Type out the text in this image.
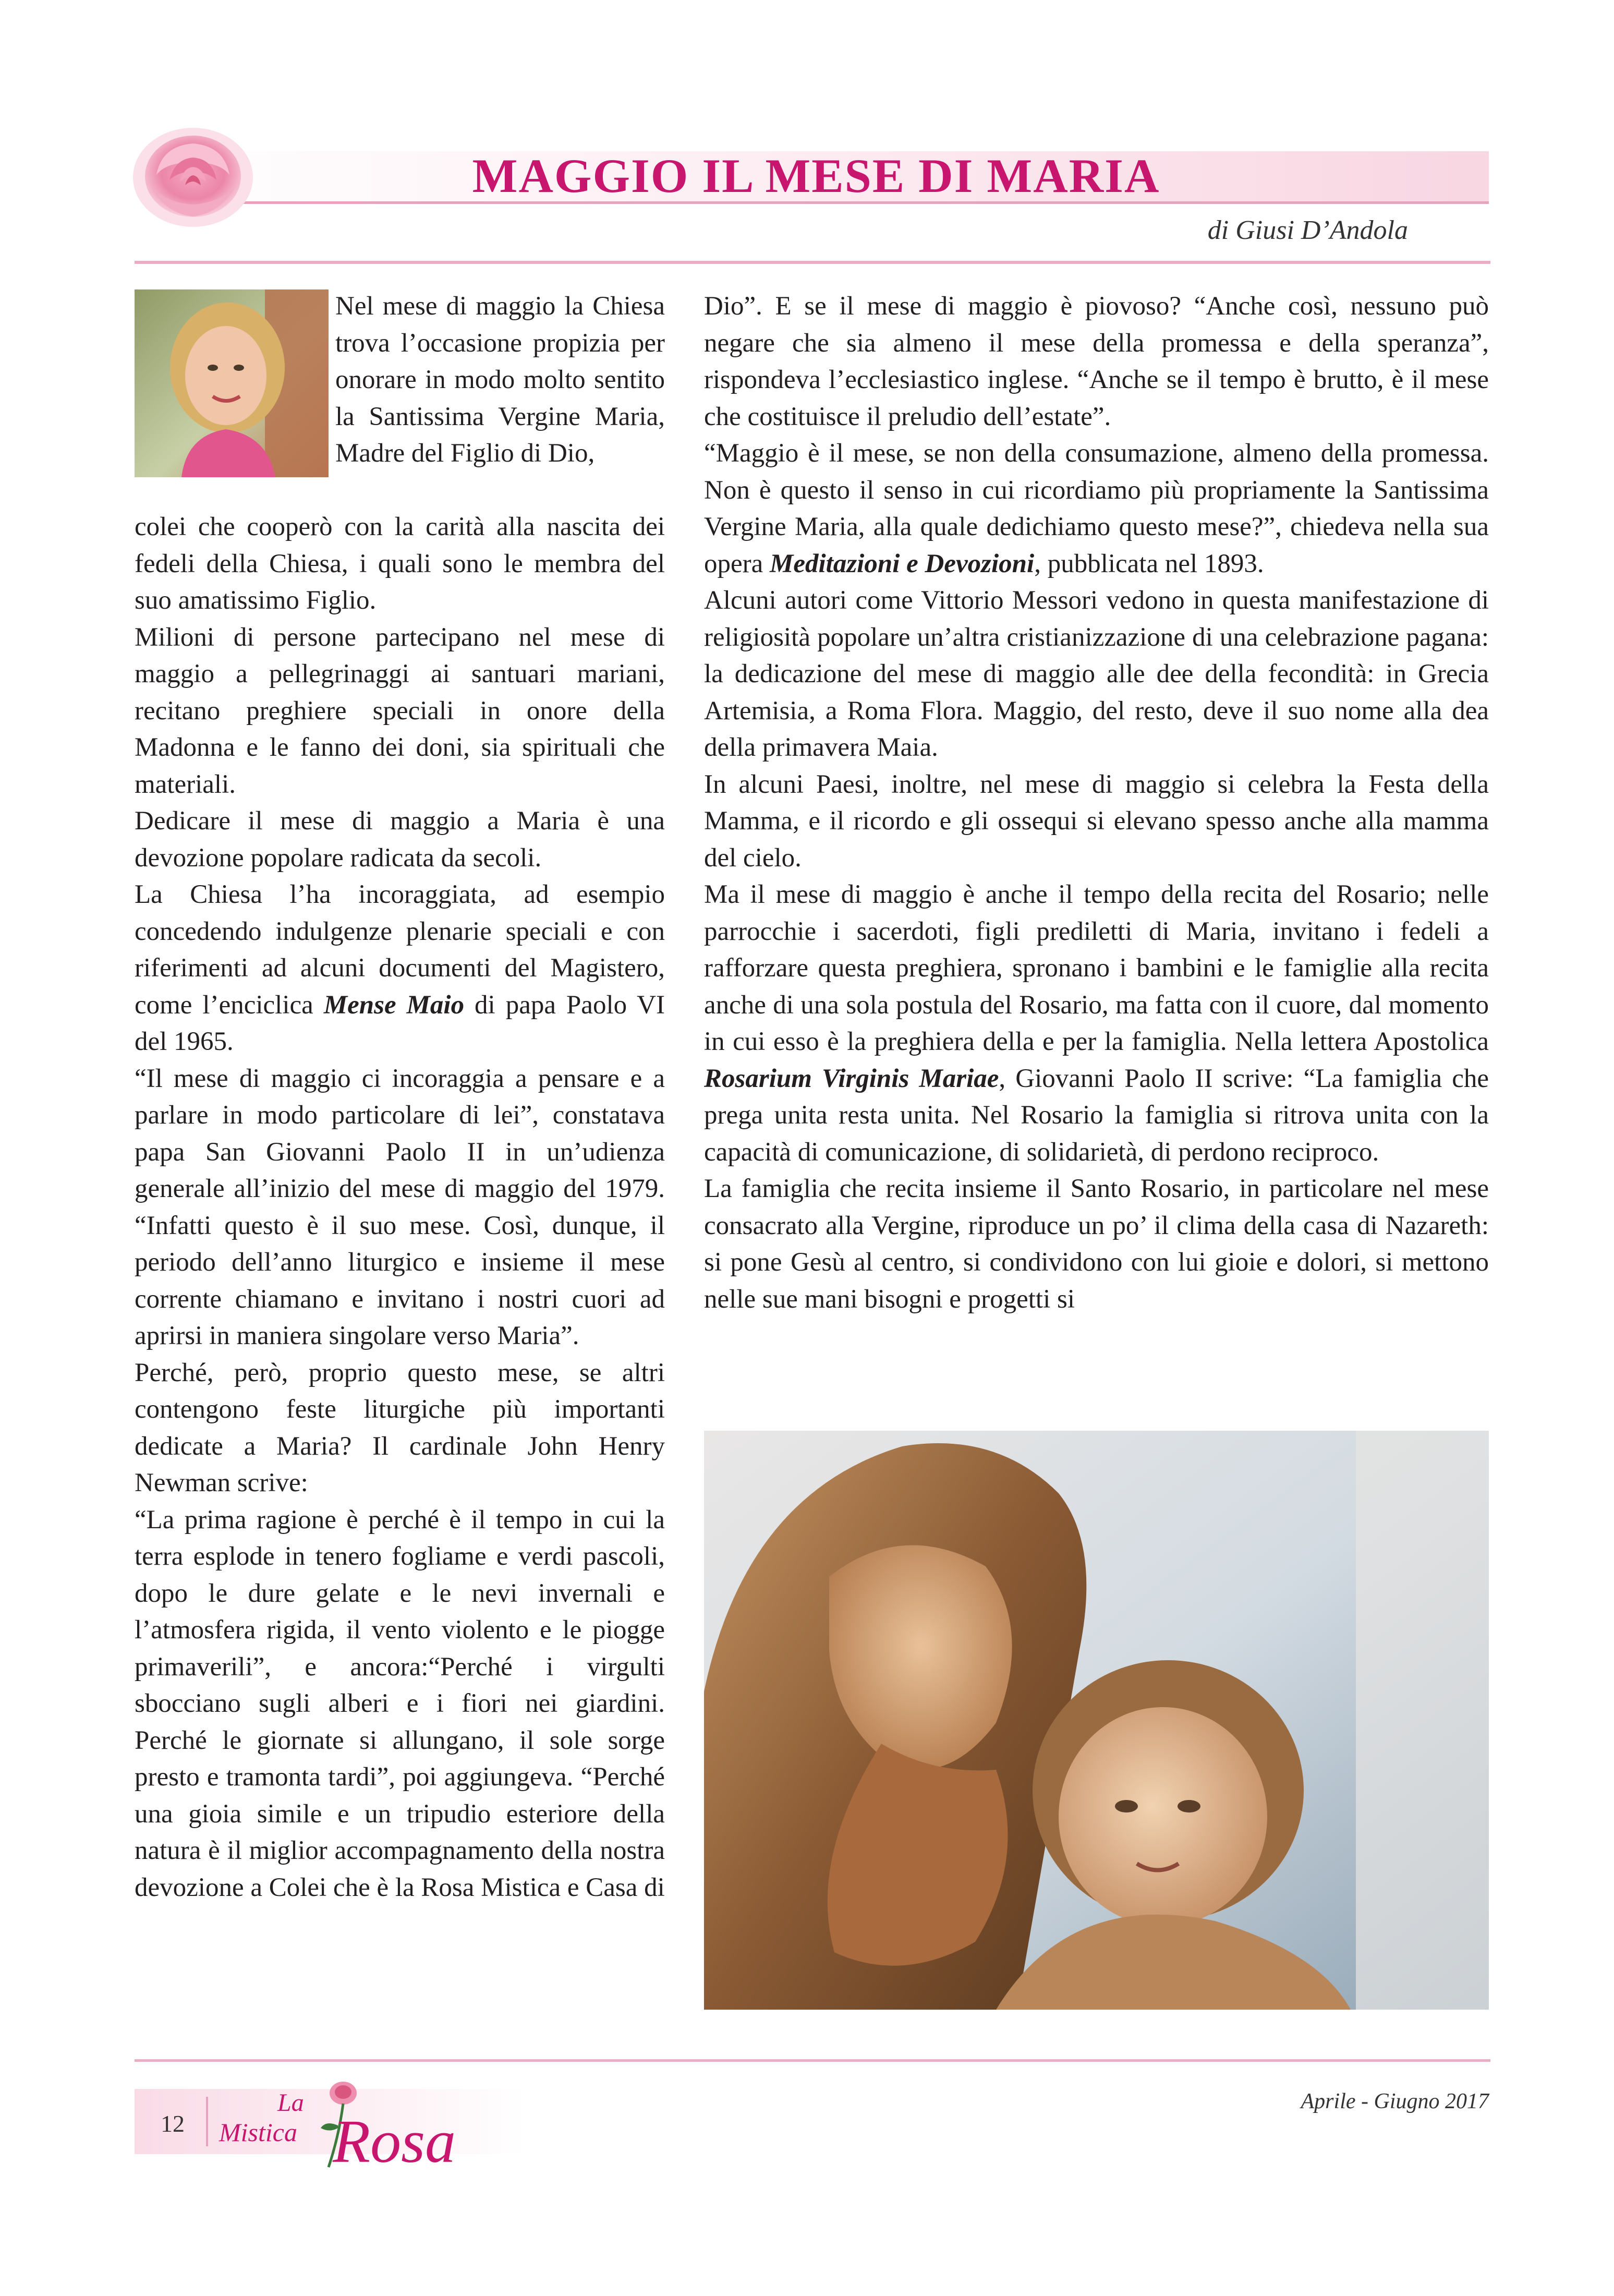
MAGGIO IL MESE DI MARIA
di Giusi D’Andola

Nel mese di maggio la Chiesa trova l’occasione propizia per onorare in modo molto sentito la Santissima Vergine Maria, Madre del Figlio di Dio,

colei che cooperò con la carità alla nascita dei fedeli della Chiesa, i quali sono le membra del suo amatissimo Figlio.

Milioni di persone partecipano nel mese di maggio a pellegrinaggi ai santuari mariani, recitano preghiere speciali in onore della Madonna e le fanno dei doni, sia spirituali che materiali.

Dedicare il mese di maggio a Maria è una devozione popolare radicata da secoli.

La Chiesa l’ha incoraggiata, ad esempio concedendo indulgenze plenarie speciali e con riferimenti ad alcuni documenti del Magistero, come l’enciclica Mense Maio di papa Paolo VI del 1965.

“Il mese di maggio ci incoraggia a pensare e a parlare in modo particolare di lei”, constatava papa San Giovanni Paolo II in un’udienza generale all’inizio del mese di maggio del 1979. “Infatti questo è il suo mese. Così, dunque, il periodo dell’anno liturgico e insieme il mese corrente chiamano e invitano i nostri cuori ad aprirsi in maniera singolare verso Maria”.

Perché, però, proprio questo mese, se altri contengono feste liturgiche più importanti dedicate a Maria? Il cardinale John Henry Newman scrive:

“La prima ragione è perché è il tempo in cui la terra esplode in tenero fogliame e verdi pascoli, dopo le dure gelate e le nevi invernali e l’atmosfera rigida, il vento violento e le piogge primaverili”, e ancora:“Perché i virgulti sbocciano sugli alberi e i fiori nei giardini. Perché le giornate si allungano, il sole sorge presto e tramonta tardi”, poi aggiungeva. “Perché una gioia simile e un tripudio esteriore della natura è il miglior accompagnamento della nostra devozione a Colei che è la Rosa Mistica e Casa di

Dio”. E se il mese di maggio è piovoso? “Anche così, nessuno può negare che sia almeno il mese della promessa e della speranza”, rispondeva l’ecclesiastico inglese. “Anche se il tempo è brutto, è il mese che costituisce il preludio dell’estate”.

“Maggio è il mese, se non della consumazione, almeno della promessa. Non è questo il senso in cui ricordiamo più propriamente la Santissima Vergine Maria, alla quale dedichiamo questo mese?”, chiedeva nella sua opera Meditazioni e Devozioni, pubblicata nel 1893.

Alcuni autori come Vittorio Messori vedono in questa manifestazione di religiosità popolare un’altra cristianizzazione di una celebrazione pagana: la dedicazione del mese di maggio alle dee della fecondità: in Grecia Artemisia, a Roma Flora. Maggio, del resto, deve il suo nome alla dea della primavera Maia.

In alcuni Paesi, inoltre, nel mese di maggio si celebra la Festa della Mamma, e il ricordo e gli ossequi si elevano spesso anche alla mamma del cielo.

Ma il mese di maggio è anche il tempo della recita del Rosario; nelle parrocchie i sacerdoti, figli prediletti di Maria, invitano i fedeli a rafforzare questa preghiera, spronano i bambini e le famiglie alla recita anche di una sola postula del Rosario, ma fatta con il cuore, dal momento in cui esso è la preghiera della e per la famiglia. Nella lettera Apostolica Rosarium Virginis Mariae, Giovanni Paolo II scrive: “La famiglia che prega unita resta unita. Nel Rosario la famiglia si ritrova unita con la capacità di comunicazione, di solidarietà, di perdono reciproco.

La famiglia che recita insieme il Santo Rosario, in particolare nel mese consacrato alla Vergine, riproduce un po’ il clima della casa di Nazareth: si pone Gesù al centro, si condividono con lui gioie e dolori, si mettono nelle sue mani bisogni e progetti si

12
La
Mistica Rosa
Aprile - Giugno 2017
